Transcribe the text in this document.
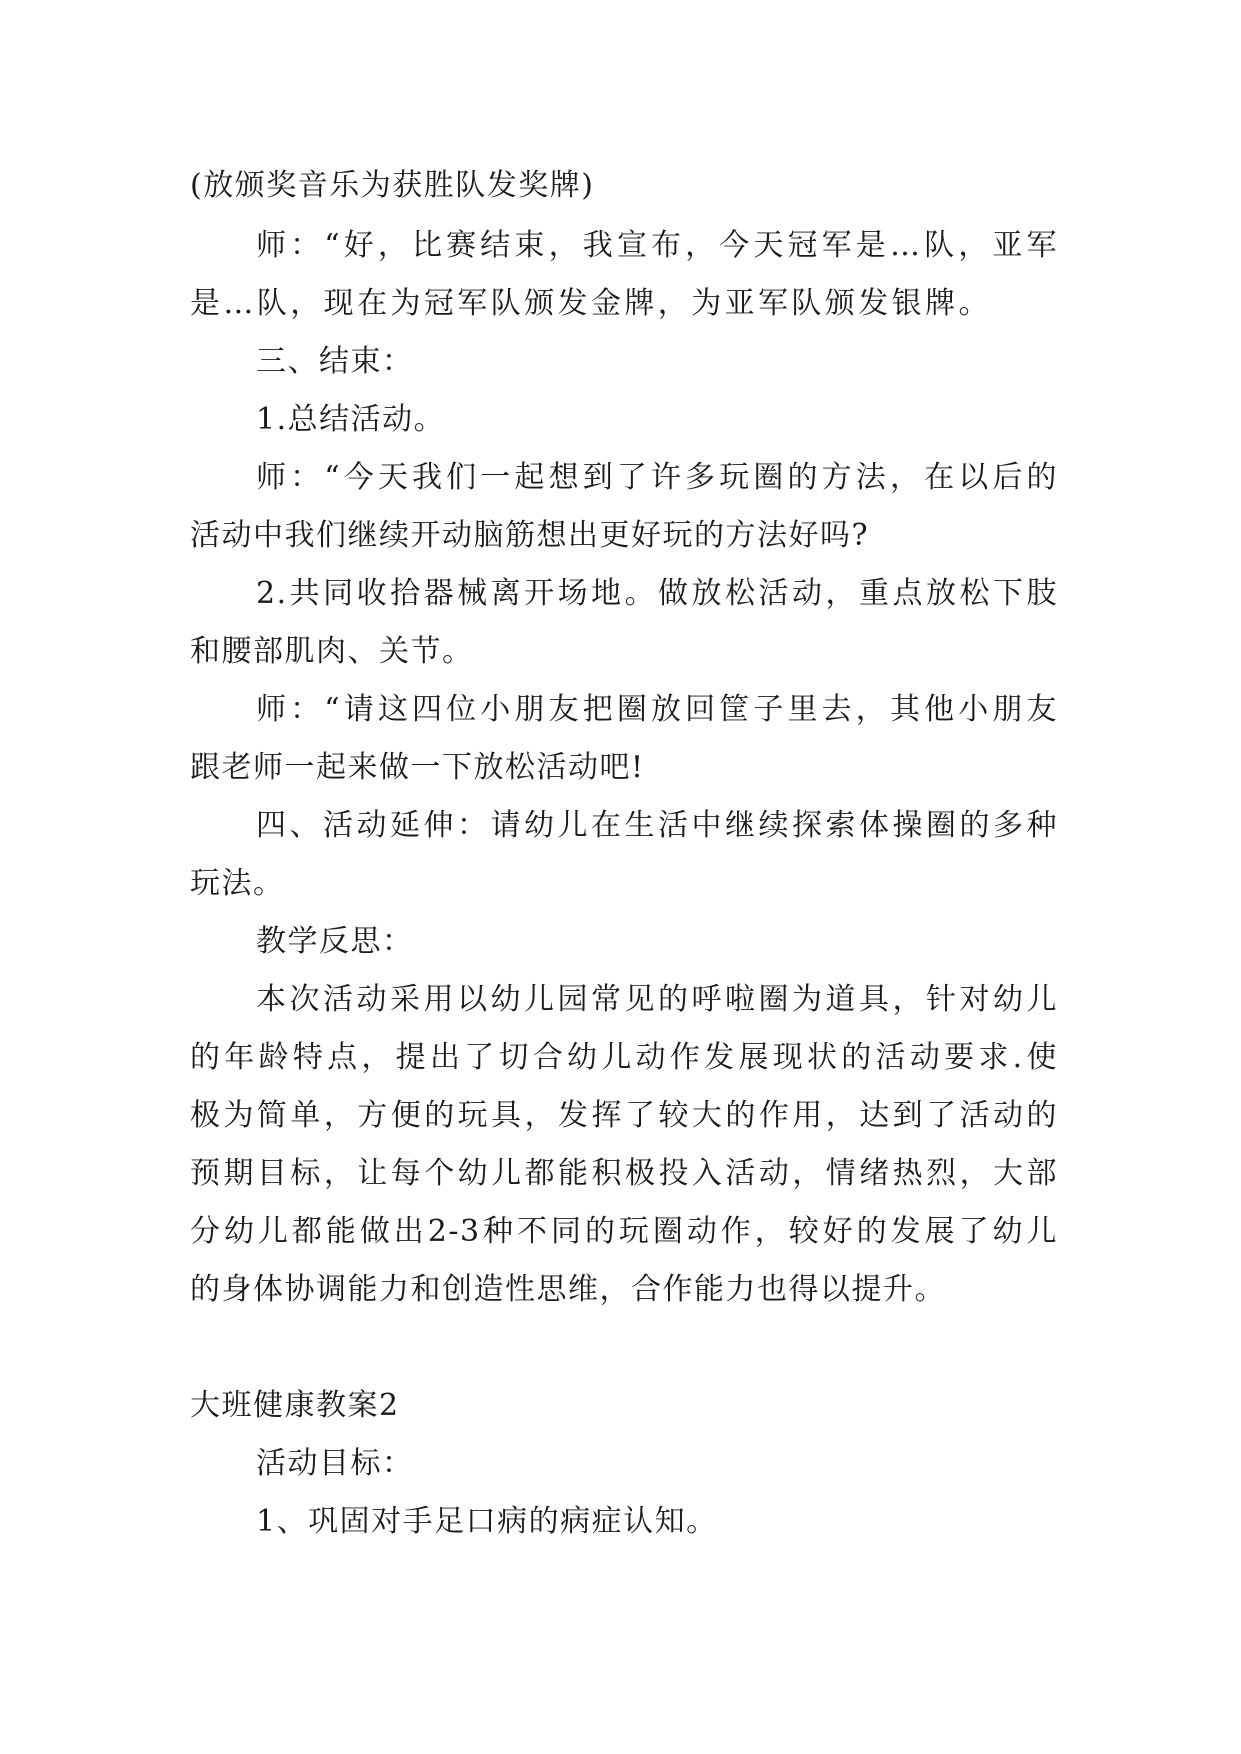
(放颁奖音乐为获胜队发奖牌)
师：“好，比赛结束，我宣布，今天冠军是…队，亚军
是…队，现在为冠军队颁发金牌，为亚军队颁发银牌。
三、结束：
1.总结活动。
师：“今天我们一起想到了许多玩圈的方法，在以后的
活动中我们继续开动脑筋想出更好玩的方法好吗?
2.共同收拾器械离开场地。做放松活动，重点放松下肢
和腰部肌肉、关节。
师：“请这四位小朋友把圈放回筐子里去，其他小朋友
跟老师一起来做一下放松活动吧!
四、活动延伸：请幼儿在生活中继续探索体操圈的多种
玩法。
教学反思：
本次活动采用以幼儿园常见的呼啦圈为道具，针对幼儿
的年龄特点，提出了切合幼儿动作发展现状的活动要求.使
极为简单，方便的玩具，发挥了较大的作用，达到了活动的
预期目标，让每个幼儿都能积极投入活动，情绪热烈，大部
分幼儿都能做出2-3种不同的玩圈动作，较好的发展了幼儿
的身体协调能力和创造性思维，合作能力也得以提升。
大班健康教案2
活动目标：
1、巩固对手足口病的病症认知。
